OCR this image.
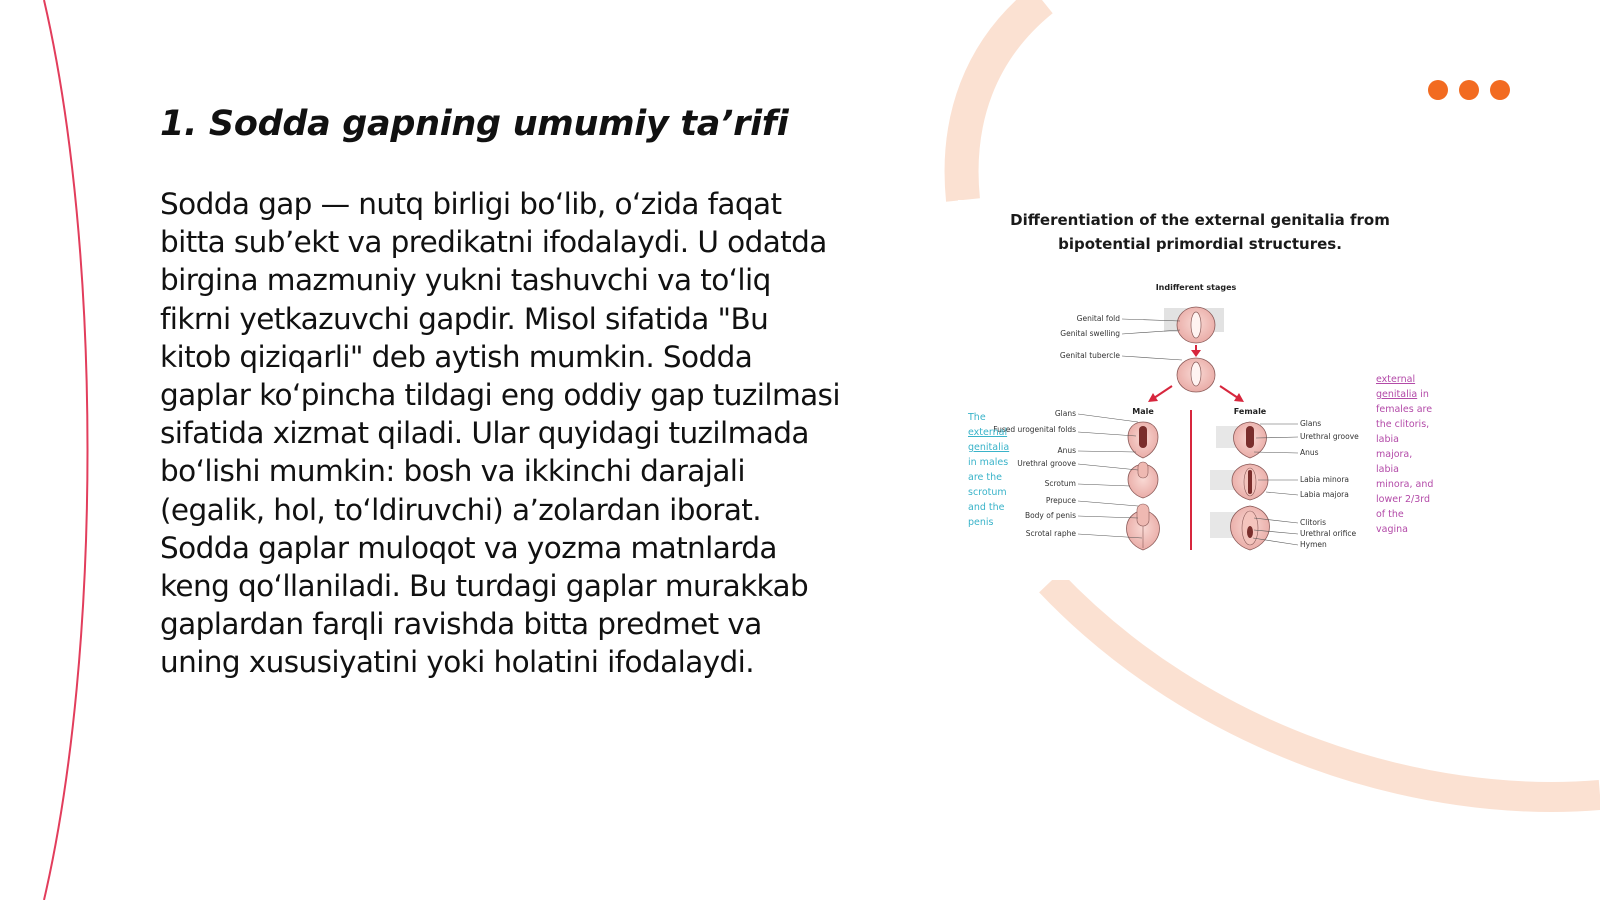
1. Sodda gapning umumiy ta’rifi

Sodda gap — nutq birligi bo‘lib, o‘zida faqat bitta sub’ekt va predikatni ifodalaydi. U odatda birgina mazmuniy yukni tashuvchi va to‘liq fikrni yetkazuvchi gapdir. Misol sifatida "Bu kitob qiziqarli" deb aytish mumkin. Sodda gaplar ko‘pincha tildagi eng oddiy gap tuzilmasi sifatida xizmat qiladi. Ular quyidagi tuzilmada bo‘lishi mumkin: bosh va ikkinchi darajali (egalik, hol, to‘ldiruvchi) a’zolardan iborat. Sodda gaplar muloqot va yozma matnlarda keng qo‘llaniladi. Bu turdagi gaplar murakkab gaplardan farqli ravishda bitta predmet va uning xususiyatini yoki holatini ifodalaydi.

Differentiation of the external genitalia from
bipotential primordial structures.

Indifferent stages
Genital fold
Genital swelling
Genital tubercle
Male
Glans
Fused urogenital folds
Anus
Urethral groove
Scrotum
Prepuce
Body of penis
Scrotal raphe
Female
Glans
Urethral groove
Anus
Labia minora
Labia majora
Clitoris
Urethral orifice
Hymen

The external genitalia in males are the scrotum and the penis

external genitalia in females are the clitoris, labia majora, labia minora, and lower 2/3rd of the vagina
